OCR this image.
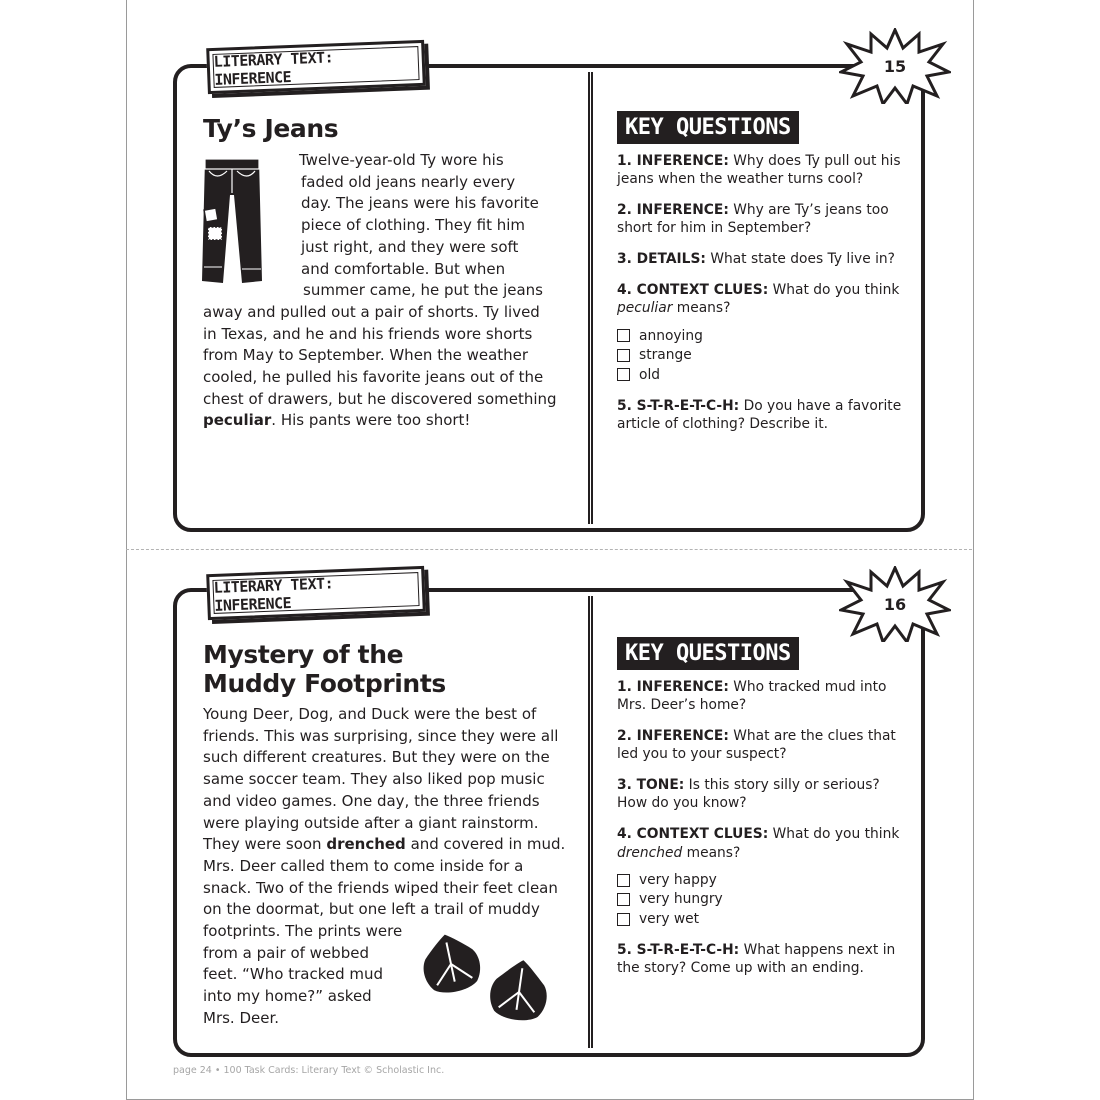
LITERARY TEXT: INFERENCE
15
Ty’s Jeans

Twelve-year-old Ty wore his

faded old jeans nearly every

day. The jeans were his favorite

piece of clothing. They fit him

just right, and they were soft

and comfortable. But when

summer came, he put the jeans

away and pulled out a pair of shorts. Ty lived

in Texas, and he and his friends wore shorts

from May to September. When the weather

cooled, he pulled his favorite jeans out of the

chest of drawers, but he discovered something

peculiar. His pants were too short!

KEY QUESTIONS

1. INFERENCE: Why does Ty pull out his jeans when the weather turns cool?

2. INFERENCE: Why are Ty’s jeans too short for him in September?

3. DETAILS: What state does Ty live in?

4. CONTEXT CLUES: What do you think
peculiar means?

annoying
strange
old

5. S-T-R-E-T-C-H: Do you have a favorite article of clothing? Describe it.

LITERARY TEXT: INFERENCE	16
Mystery of the
Muddy Footprints

Young Deer, Dog, and Duck were the best of

friends. This was surprising, since they were all

such different creatures. But they were on the

same soccer team. They also liked pop music

and video games. One day, the three friends

were playing outside after a giant rainstorm.

They were soon drenched and covered in mud.

Mrs. Deer called them to come inside for a

snack. Two of the friends wiped their feet clean

on the doormat, but one left a trail of muddy

footprints. The prints were

from a pair of webbed

feet. “Who tracked mud

into my home?” asked

Mrs. Deer.

KEY QUESTIONS

1. INFERENCE: Who tracked mud into Mrs. Deer’s home?

2. INFERENCE: What are the clues that led you to your suspect?

3. TONE: Is this story silly or serious? How do you know?

4. CONTEXT CLUES: What do you think
drenched means?

very happy
very hungry
very wet

5. S-T-R-E-T-C-H: What happens next in the story? Come up with an ending.

page 24 • 100 Task Cards: Literary Text © Scholastic Inc.
